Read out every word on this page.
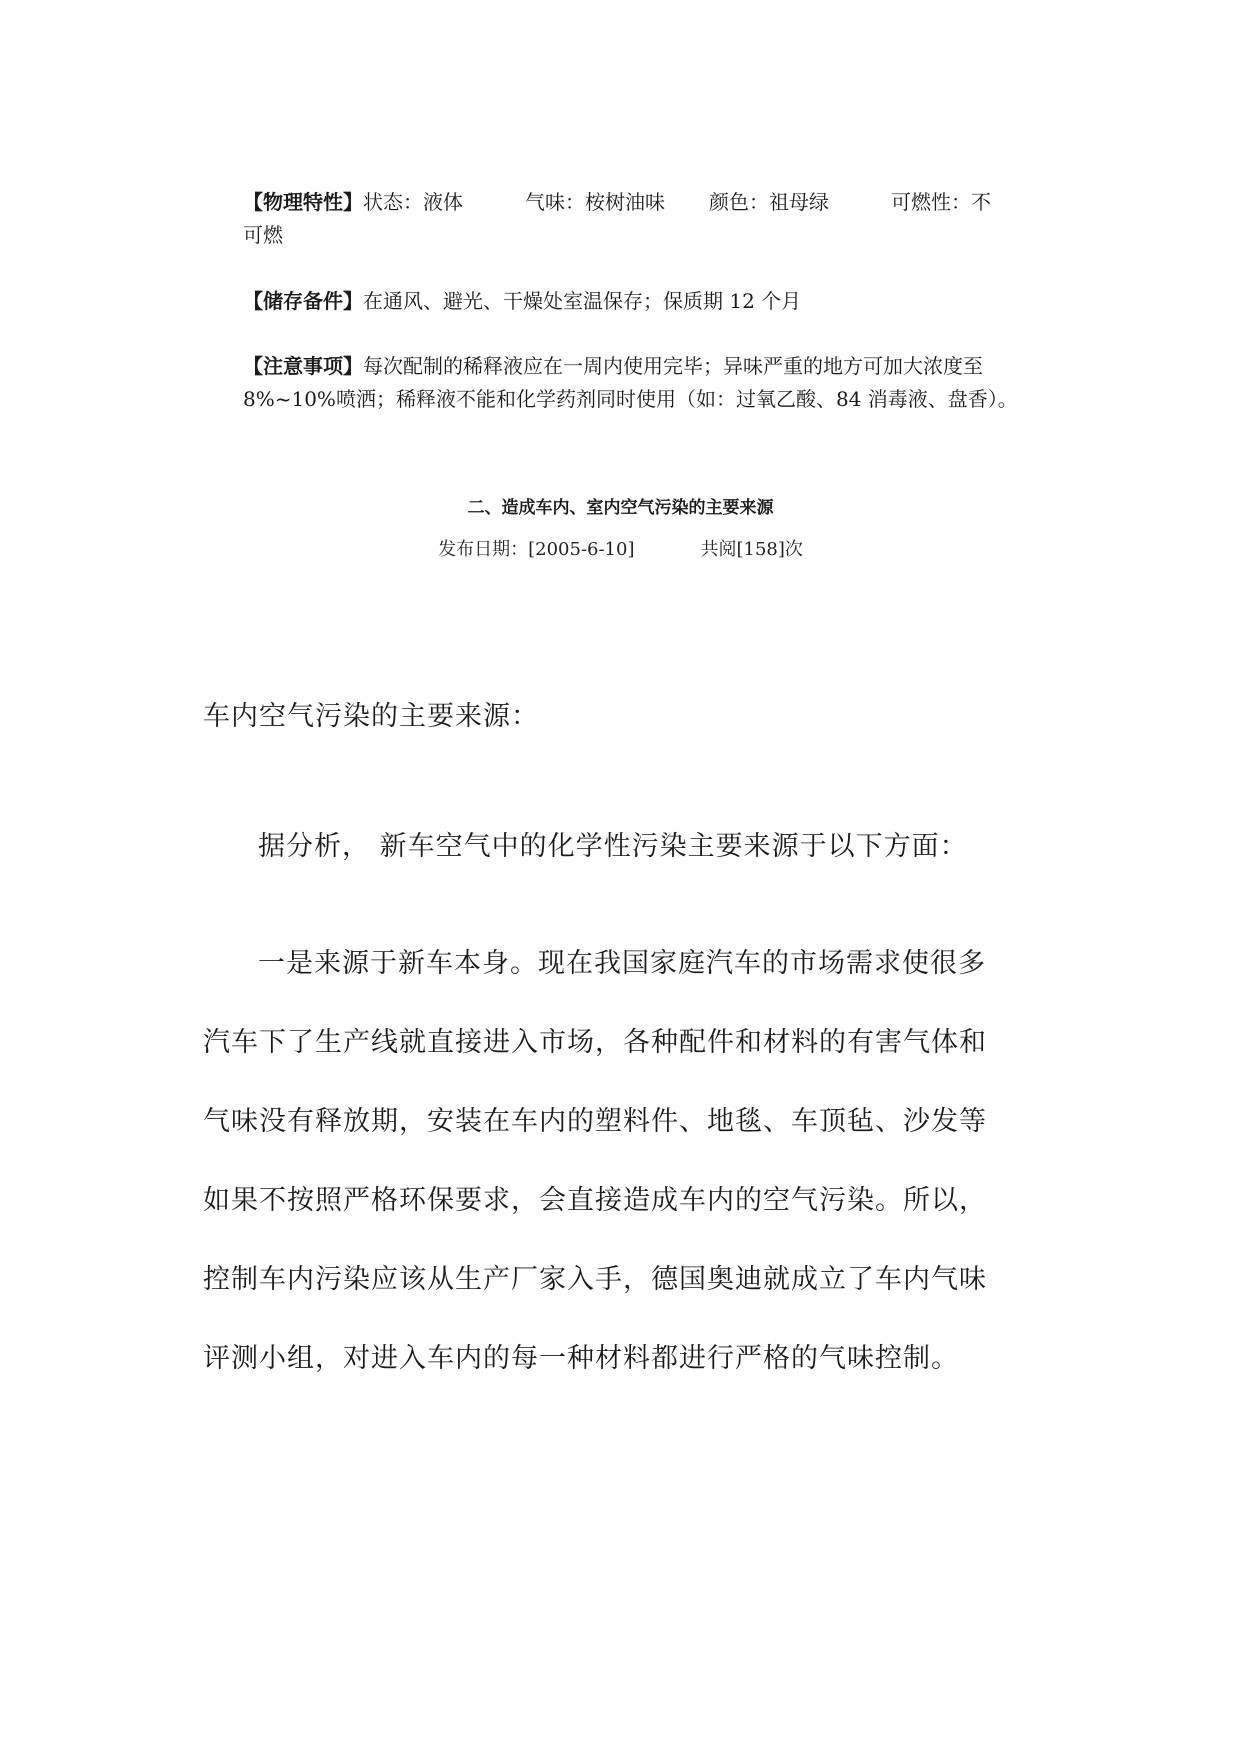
【物理特性】状态：液体	气味：桉树油味 颜色：祖母绿	可燃性：不
可燃

【储存备件】在通风、避光、干燥处室温保存；保质期 12 个月

【注意事项】每次配制的稀释液应在一周内使用完毕；异味严重的地方可加大浓度至
8%~10%喷洒；稀释液不能和化学药剂同时使用（如：过氧乙酸、84 消毒液、盘香）。

二、造成车内、室内空气污染的主要来源

发布日期：[2005-6-10]	共阅[158]次

车内空气污染的主要来源：

据分析， 新车空气中的化学性污染主要来源于以下方面：

一是来源于新车本身。现在我国家庭汽车的市场需求使很多
汽车下了生产线就直接进入市场，各种配件和材料的有害气体和
气味没有释放期，安装在车内的塑料件、地毯、车顶毡、沙发等
如果不按照严格环保要求，会直接造成车内的空气污染。所以，
控制车内污染应该从生产厂家入手，德国奥迪就成立了车内气味
评测小组，对进入车内的每一种材料都进行严格的气味控制。
